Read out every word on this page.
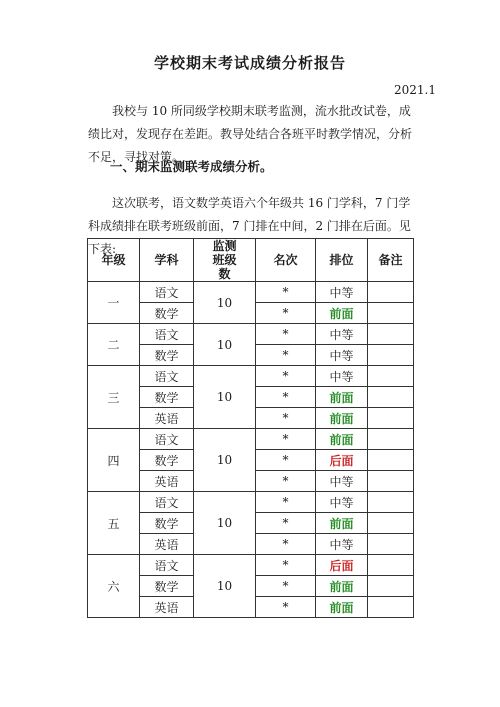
学校期末考试成绩分析报告
2021.1
我校与 10 所同级学校期末联考监测，流水批改试卷，成绩比对，发现存在差距。教导处结合各班平时教学情况，分析不足，寻找对策。
一、期末监测联考成绩分析。
这次联考，语文数学英语六个年级共 16 门学科，7 门学科成绩排在联考班级前面，7 门排在中间，2 门排在后面。见下表:
年级	学科	监测班级数	名次	排位	备注
一	语文	10	*	中等	
	数学		*	前面	
二	语文	10	*	中等	
	数学		*	中等	
三	语文	10	*	中等	
	数学		*	前面	
	英语		*	前面	
四	语文	10	*	前面	
	数学		*	后面	
	英语		*	中等	
五	语文	10	*	中等	
	数学		*	前面	
	英语		*	中等	
六	语文	10	*	后面	
	数学		*	前面	
	英语		*	前面	
